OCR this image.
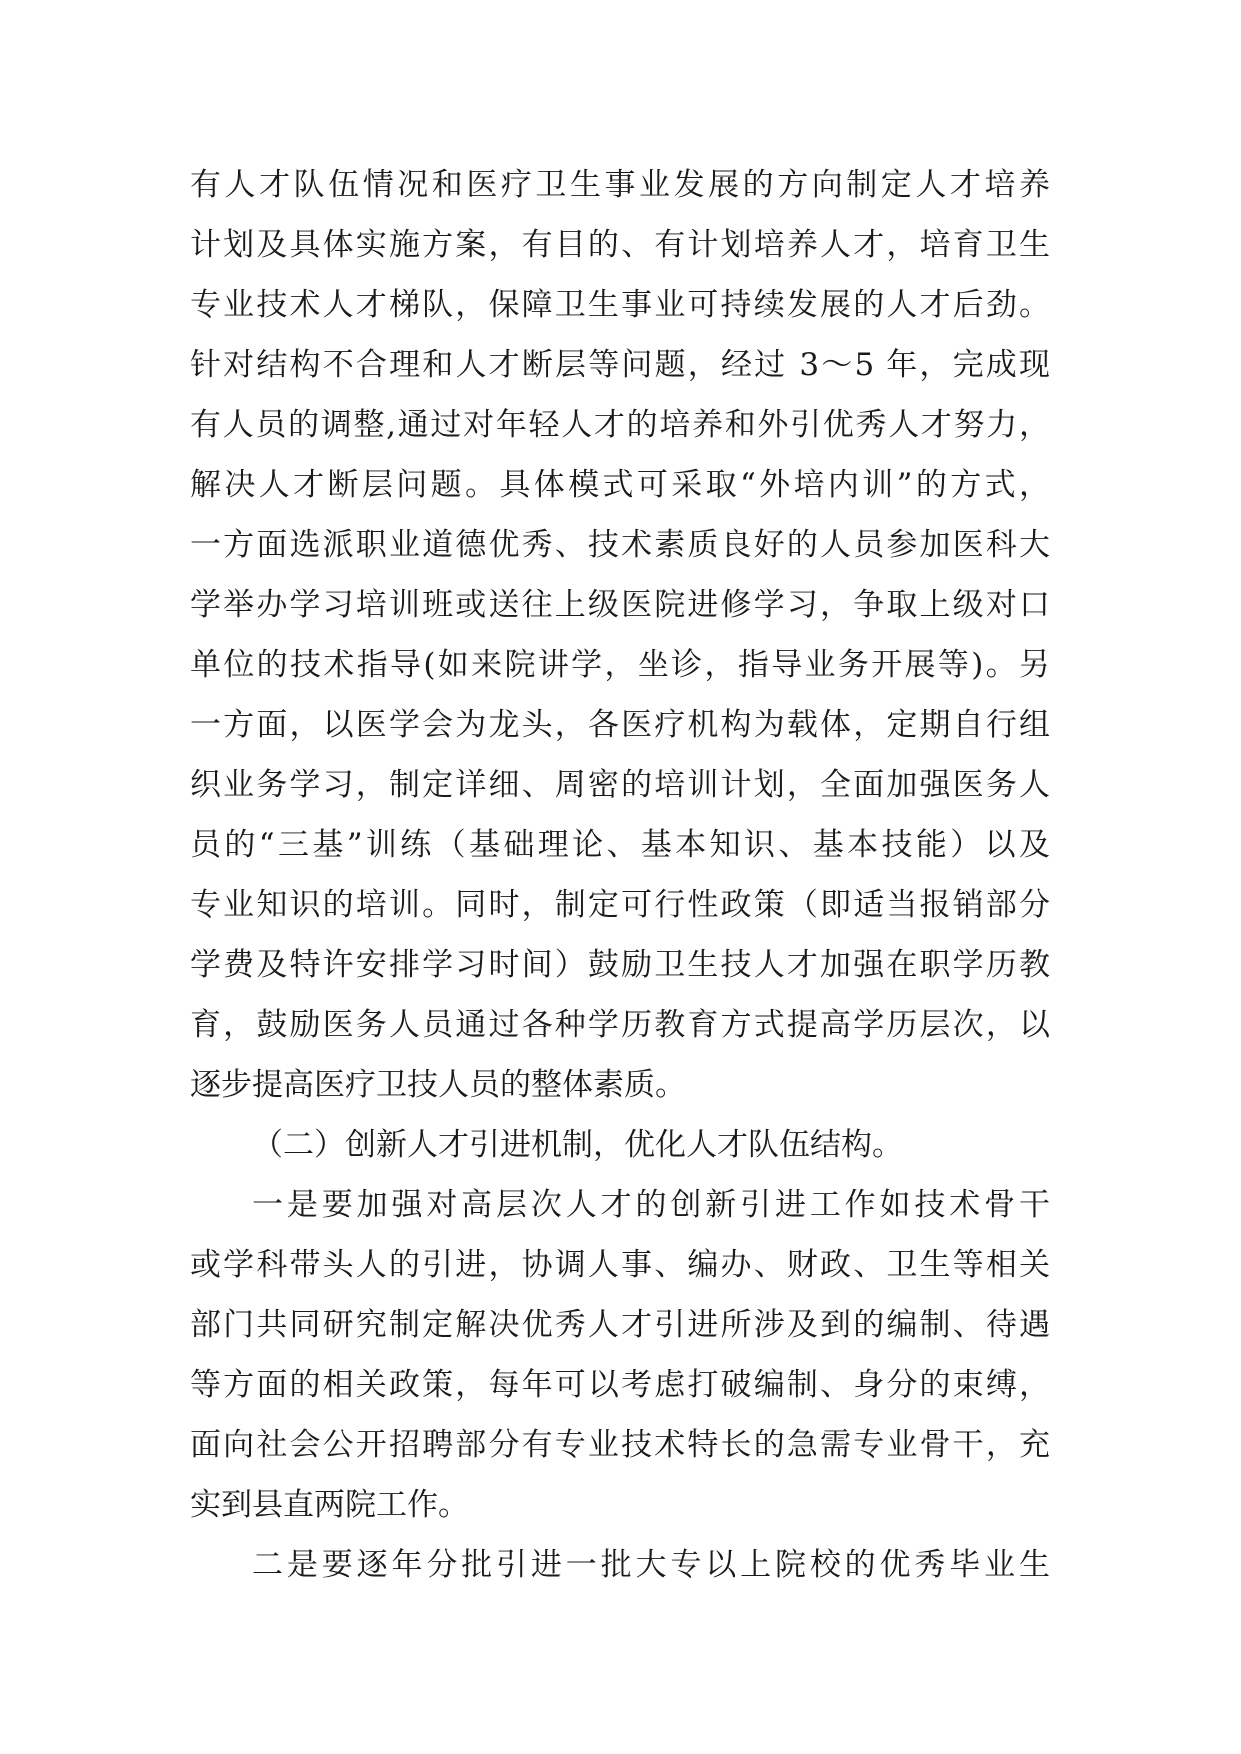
有人才队伍情况和医疗卫生事业发展的方向制定人才培养
计划及具体实施方案，有目的、有计划培养人才，培育卫生
专业技术人才梯队，保障卫生事业可持续发展的人才后劲。
针对结构不合理和人才断层等问题，经过 3～5 年，完成现
有人员的调整,通过对年轻人才的培养和外引优秀人才努力，
解决人才断层问题。具体模式可采取“外培内训”的方式，
一方面选派职业道德优秀、技术素质良好的人员参加医科大
学举办学习培训班或送往上级医院进修学习，争取上级对口
单位的技术指导(如来院讲学，坐诊，指导业务开展等)。另
一方面，以医学会为龙头，各医疗机构为载体，定期自行组
织业务学习，制定详细、周密的培训计划，全面加强医务人
员的“三基”训练（基础理论、基本知识、基本技能）以及
专业知识的培训。同时，制定可行性政策（即适当报销部分
学费及特许安排学习时间）鼓励卫生技人才加强在职学历教
育，鼓励医务人员通过各种学历教育方式提高学历层次，以
逐步提高医疗卫技人员的整体素质。
（二）创新人才引进机制，优化人才队伍结构。
一是要加强对高层次人才的创新引进工作如技术骨干
或学科带头人的引进，协调人事、编办、财政、卫生等相关
部门共同研究制定解决优秀人才引进所涉及到的编制、待遇
等方面的相关政策，每年可以考虑打破编制、身分的束缚，
面向社会公开招聘部分有专业技术特长的急需专业骨干，充
实到县直两院工作。
二是要逐年分批引进一批大专以上院校的优秀毕业生
